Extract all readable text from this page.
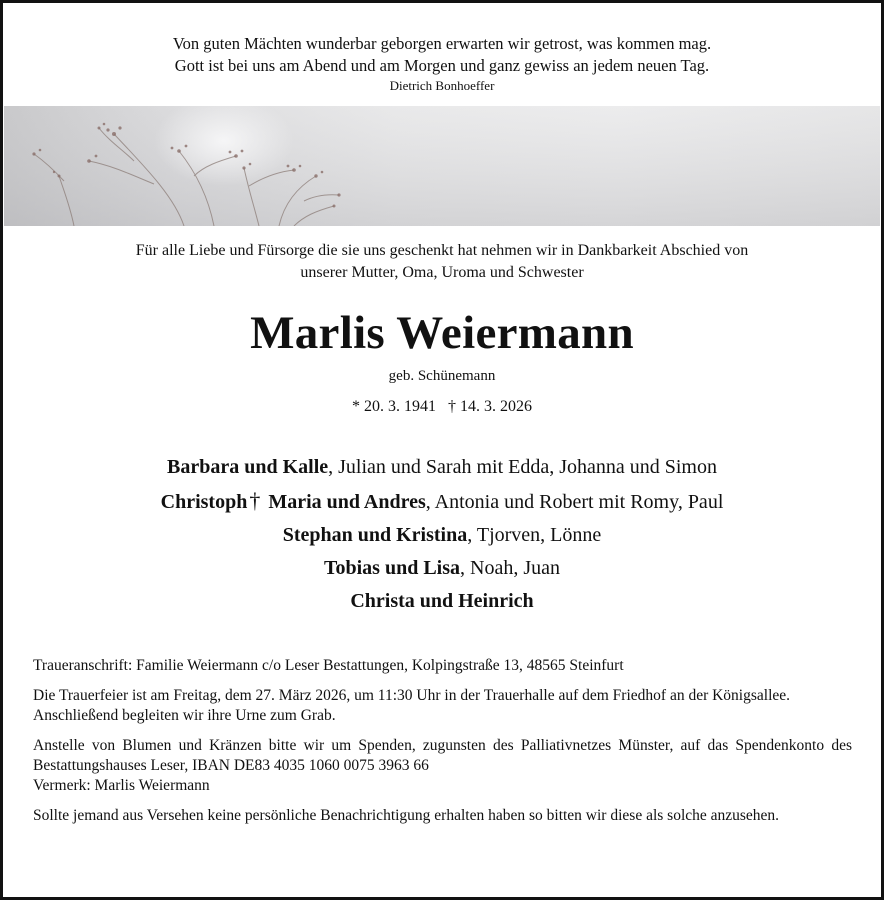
Von guten Mächten wunderbar geborgen erwarten wir getrost, was kommen mag.
Gott ist bei uns am Abend und am Morgen und ganz gewiss an jedem neuen Tag.
Dietrich Bonhoeffer
Für alle Liebe und Fürsorge die sie uns geschenkt hat nehmen wir in Dankbarkeit Abschied von
unserer Mutter, Oma, Uroma und Schwester
Marlis Weiermann
geb. Schünemann
* 20. 3. 1941 † 14. 3. 2026
Barbara und Kalle, Julian und Sarah mit Edda, Johanna und Simon
Christoph† Maria und Andres, Antonia und Robert mit Romy, Paul
Stephan und Kristina, Tjorven, Lönne
Tobias und Lisa, Noah, Juan
Christa und Heinrich

Traueranschrift: Familie Weiermann c/o Leser Bestattungen, Kolpingstraße 13, 48565 Steinfurt

Die Trauerfeier ist am Freitag, dem 27. März 2026, um 11:30 Uhr in der Trauerhalle auf dem Friedhof an der Königsallee. Anschließend begleiten wir ihre Urne zum Grab.

Anstelle von Blumen und Kränzen bitte wir um Spenden, zugunsten des Palliativnetzes Münster, auf das Spendenkonto des Bestattungshauses Leser, IBAN DE83 4035 1060 0075 3963 66
Vermerk: Marlis Weiermann

Sollte jemand aus Versehen keine persönliche Benachrichtigung erhalten haben so bitten wir diese als solche anzusehen.
